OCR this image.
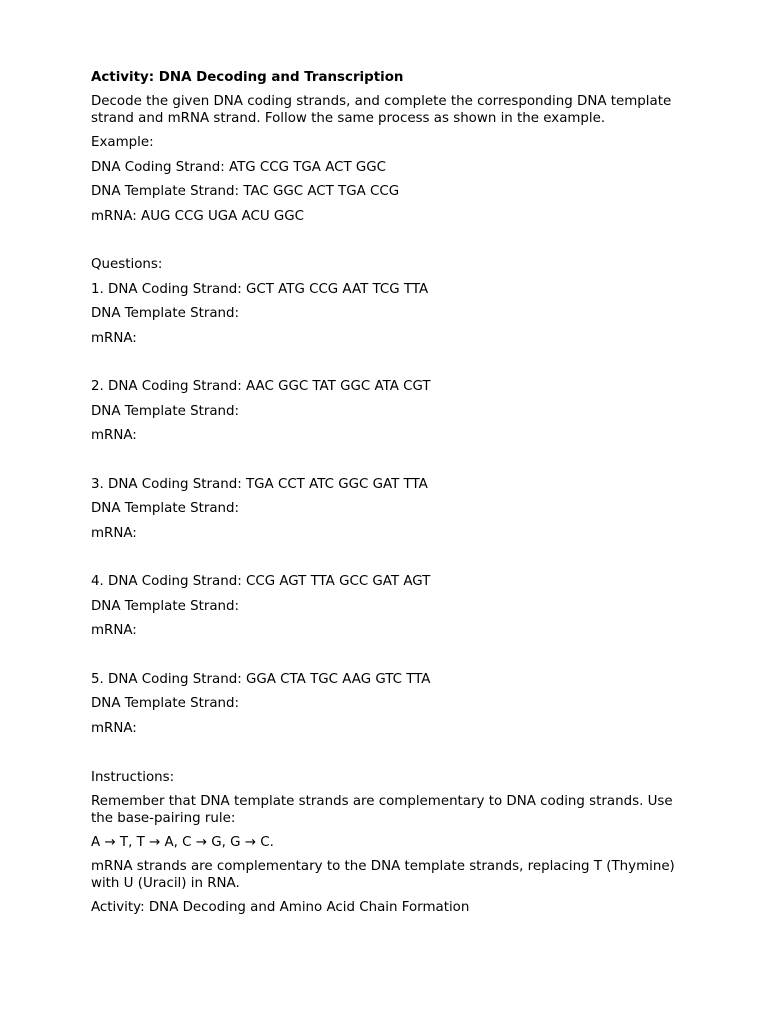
Activity: DNA Decoding and Transcription
Decode the given DNA coding strands, and complete the corresponding DNA template strand and mRNA strand. Follow the same process as shown in the example.
Example:
DNA Coding Strand: ATG CCG TGA ACT GGC
DNA Template Strand: TAC GGC ACT TGA CCG
mRNA: AUG CCG UGA ACU GGC
Questions:
1. DNA Coding Strand: GCT ATG CCG AAT TCG TTA
DNA Template Strand:
mRNA:
2. DNA Coding Strand: AAC GGC TAT GGC ATA CGT
DNA Template Strand:
mRNA:
3. DNA Coding Strand: TGA CCT ATC GGC GAT TTA
DNA Template Strand:
mRNA:
4. DNA Coding Strand: CCG AGT TTA GCC GAT AGT
DNA Template Strand:
mRNA:
5. DNA Coding Strand: GGA CTA TGC AAG GTC TTA
DNA Template Strand:
mRNA:
Instructions:
Remember that DNA template strands are complementary to DNA coding strands. Use the base-pairing rule:
A → T, T → A, C → G, G → C.
mRNA strands are complementary to the DNA template strands, replacing T (Thymine) with U (Uracil) in RNA.
Activity: DNA Decoding and Amino Acid Chain Formation
